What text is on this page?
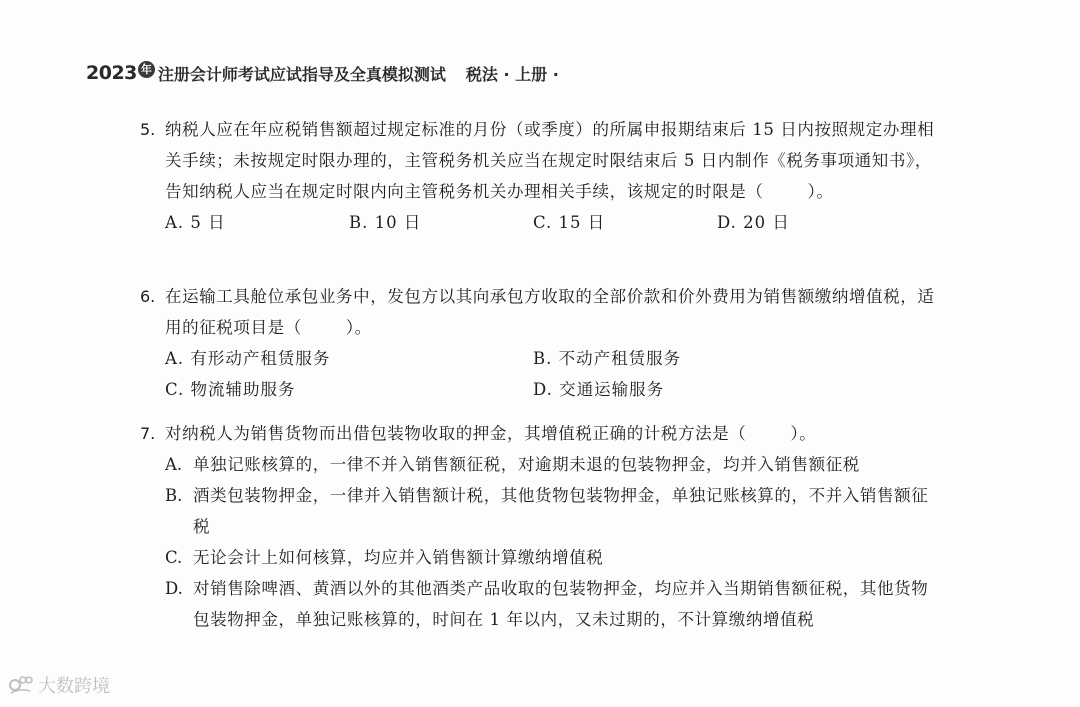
2023 年 注册会计师考试应试指导及全真模拟测试 税法 · 上册 ·
5. 纳税人应在年应税销售额超过规定标准的月份（或季度）的所属申报期结束后 15 日内按照规定办理相关手续；未按规定时限办理的，主管税务机关应当在规定时限结束后 5 日内制作《税务事项通知书》，告知纳税人应当在规定时限内向主管税务机关办理相关手续，该规定的时限是（	）。
A. 5 日	B. 10 日	C. 15 日	D. 20 日
6. 在运输工具舱位承包业务中，发包方以其向承包方收取的全部价款和价外费用为销售额缴纳增值税，适用的征税项目是（	）。
A. 有形动产租赁服务	B. 不动产租赁服务
C. 物流辅助服务	D. 交通运输服务
7. 对纳税人为销售货物而出借包装物收取的押金，其增值税正确的计税方法是（	）。
A. 单独记账核算的，一律不并入销售额征税，对逾期未退的包装物押金，均并入销售额征税
B. 酒类包装物押金，一律并入销售额计税，其他货物包装物押金，单独记账核算的，不并入销售额征税
C. 无论会计上如何核算，均应并入销售额计算缴纳增值税
D. 对销售除啤酒、黄酒以外的其他酒类产品收取的包装物押金，均应并入当期销售额征税，其他货物包装物押金，单独记账核算的，时间在 1 年以内，又未过期的，不计算缴纳增值税
大数跨境
